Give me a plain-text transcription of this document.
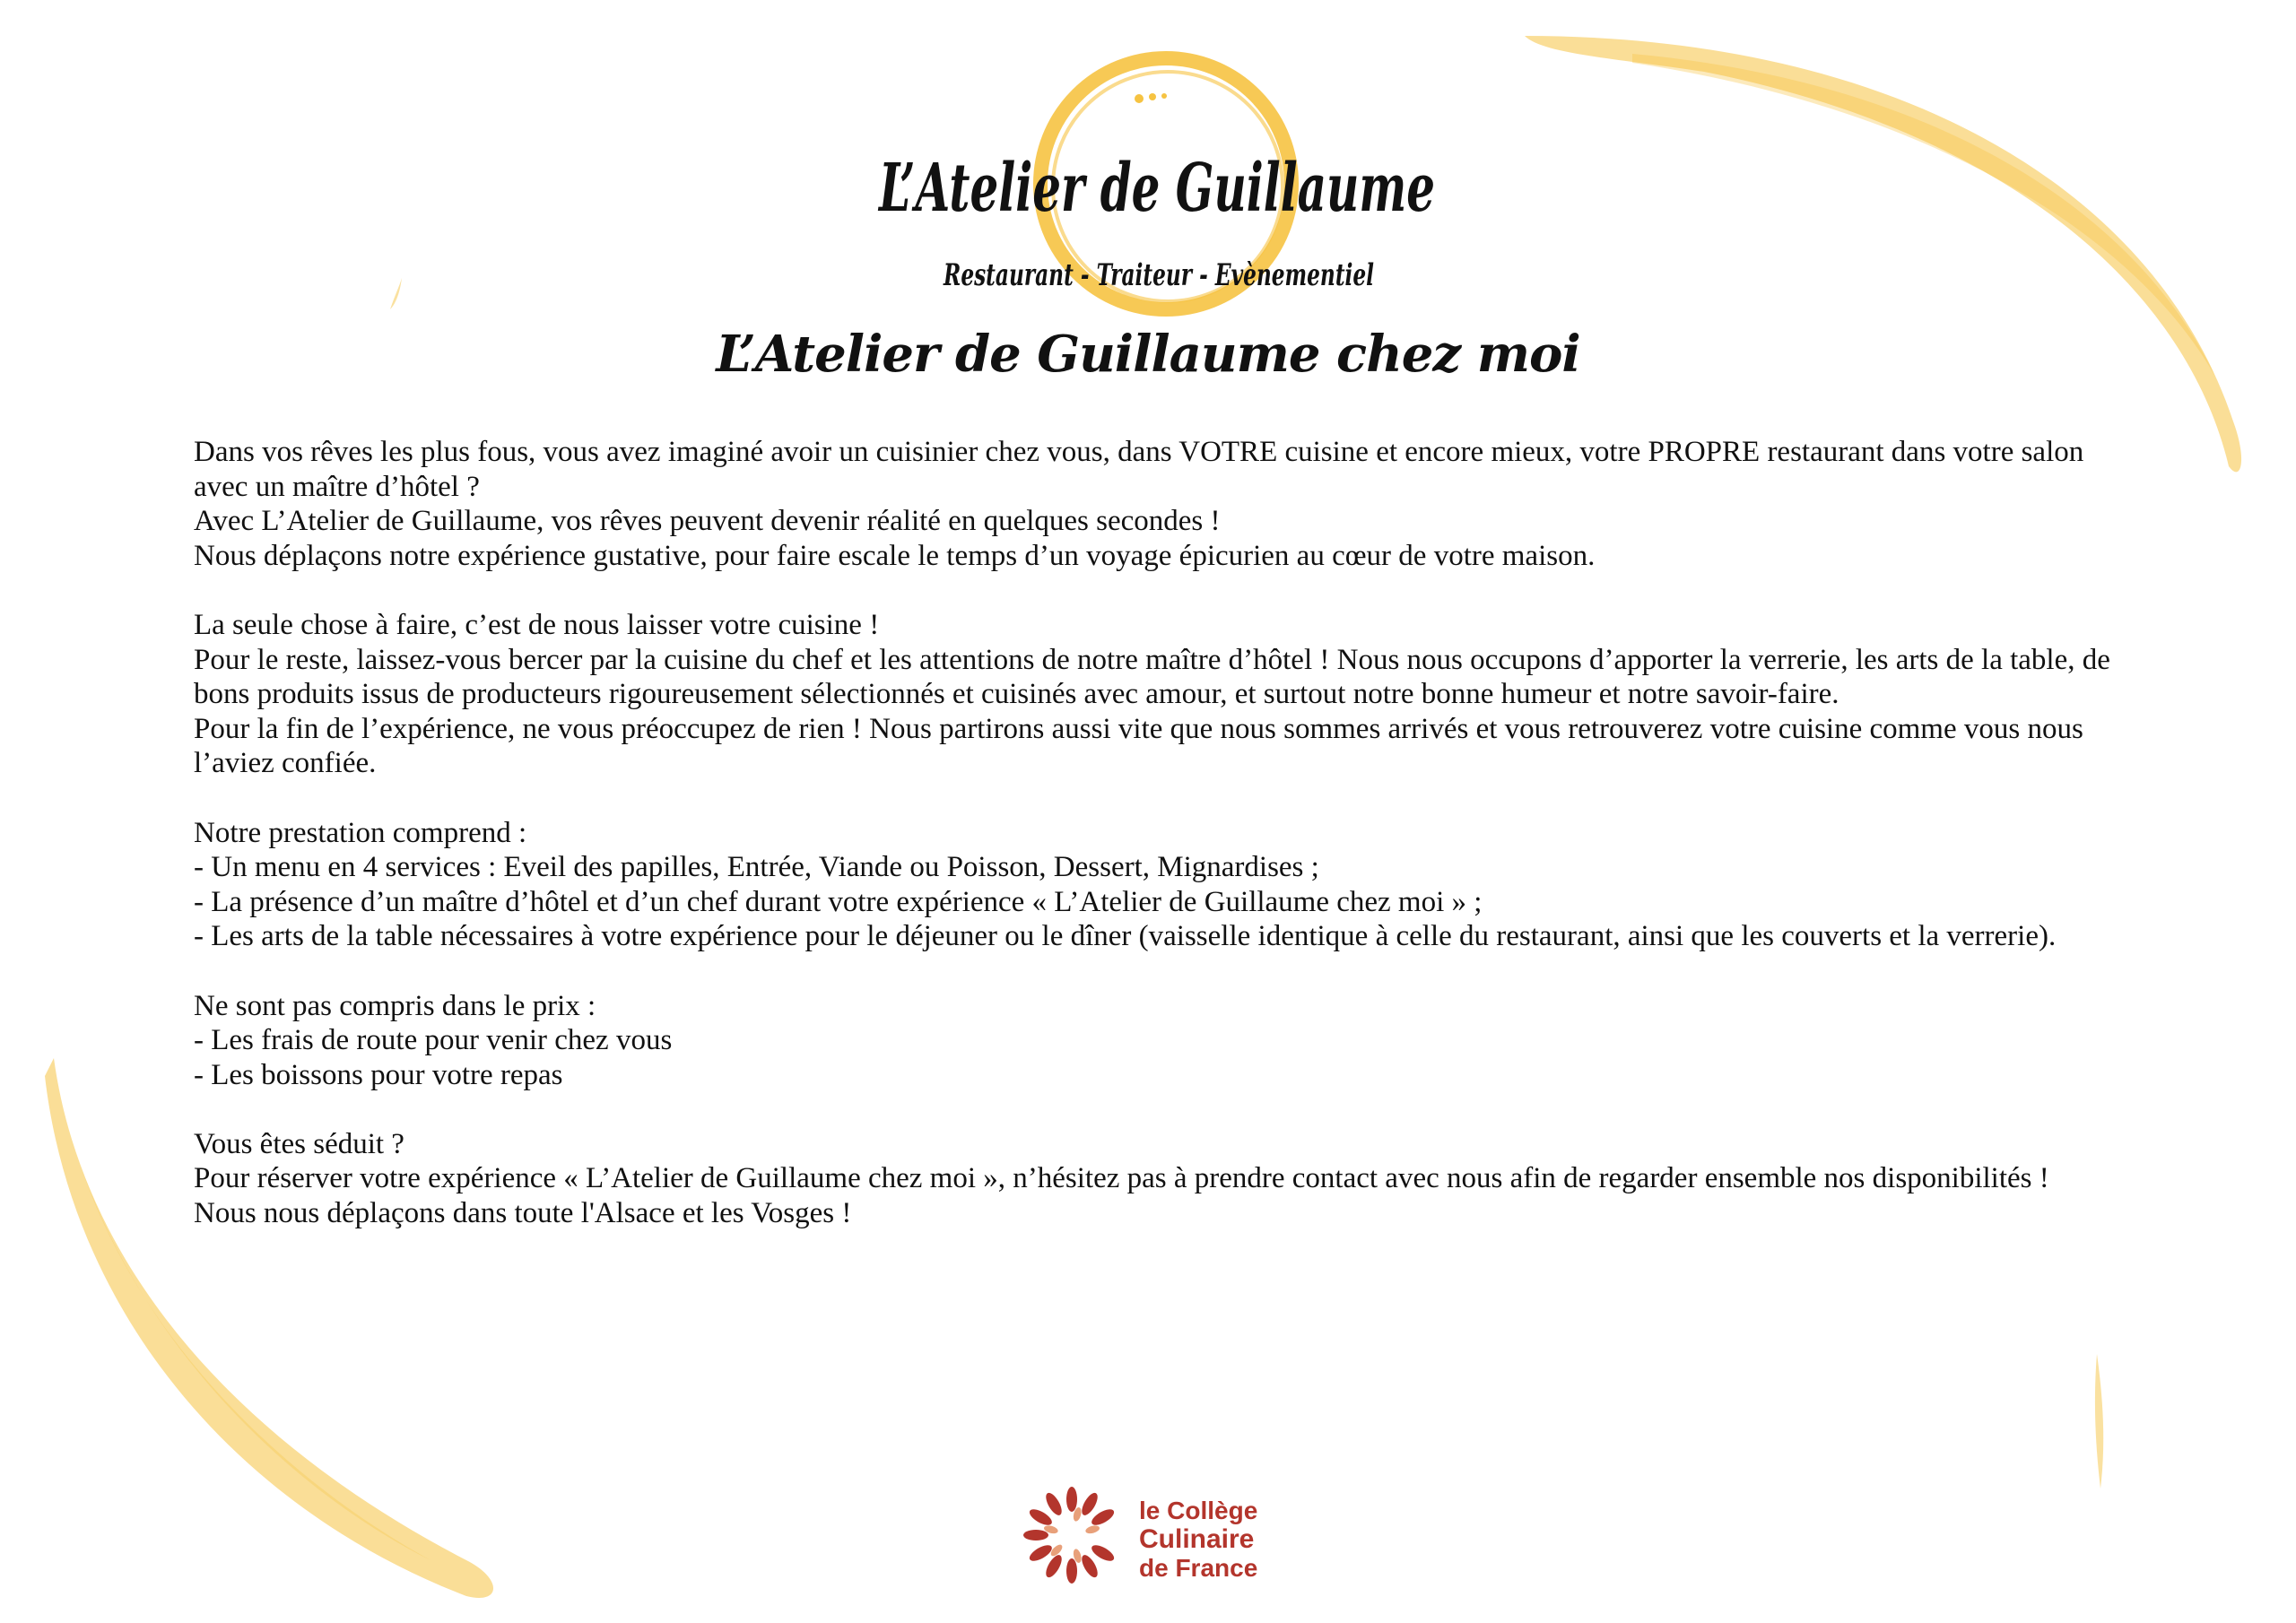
L’Atelier de Guillaume
Restaurant - Traiteur - Evènementiel
L’Atelier de Guillaume chez moi

Dans vos rêves les plus fous, vous avez imaginé avoir un cuisinier chez vous, dans VOTRE cuisine et encore mieux, votre PROPRE restaurant dans votre salon avec un maître d’hôtel ?
Avec L’Atelier de Guillaume, vos rêves peuvent devenir réalité en quelques secondes !
Nous déplaçons notre expérience gustative, pour faire escale le temps d’un voyage épicurien au cœur de votre maison.

La seule chose à faire, c’est de nous laisser votre cuisine !
Pour le reste, laissez-vous bercer par la cuisine du chef et les attentions de notre maître d’hôtel ! Nous nous occupons d’apporter la verrerie, les arts de la table, de bons produits issus de producteurs rigoureusement sélectionnés et cuisinés avec amour, et surtout notre bonne humeur et notre savoir-faire.
Pour la fin de l’expérience, ne vous préoccupez de rien ! Nous partirons aussi vite que nous sommes arrivés et vous retrouverez votre cuisine comme vous nous l’aviez confiée.

Notre prestation comprend :
- Un menu en 4 services : Eveil des papilles, Entrée, Viande ou Poisson, Dessert, Mignardises ;
- La présence d’un maître d’hôtel et d’un chef durant votre expérience « L’Atelier de Guillaume chez moi » ;
- Les arts de la table nécessaires à votre expérience pour le déjeuner ou le dîner (vaisselle identique à celle du restaurant, ainsi que les couverts et la verrerie).

Ne sont pas compris dans le prix :
- Les frais de route pour venir chez vous
- Les boissons pour votre repas

Vous êtes séduit ?
Pour réserver votre expérience « L’Atelier de Guillaume chez moi », n’hésitez pas à prendre contact avec nous afin de regarder ensemble nos disponibilités !
Nous nous déplaçons dans toute l'Alsace et les Vosges !

le Collège
Culinaire
de France
